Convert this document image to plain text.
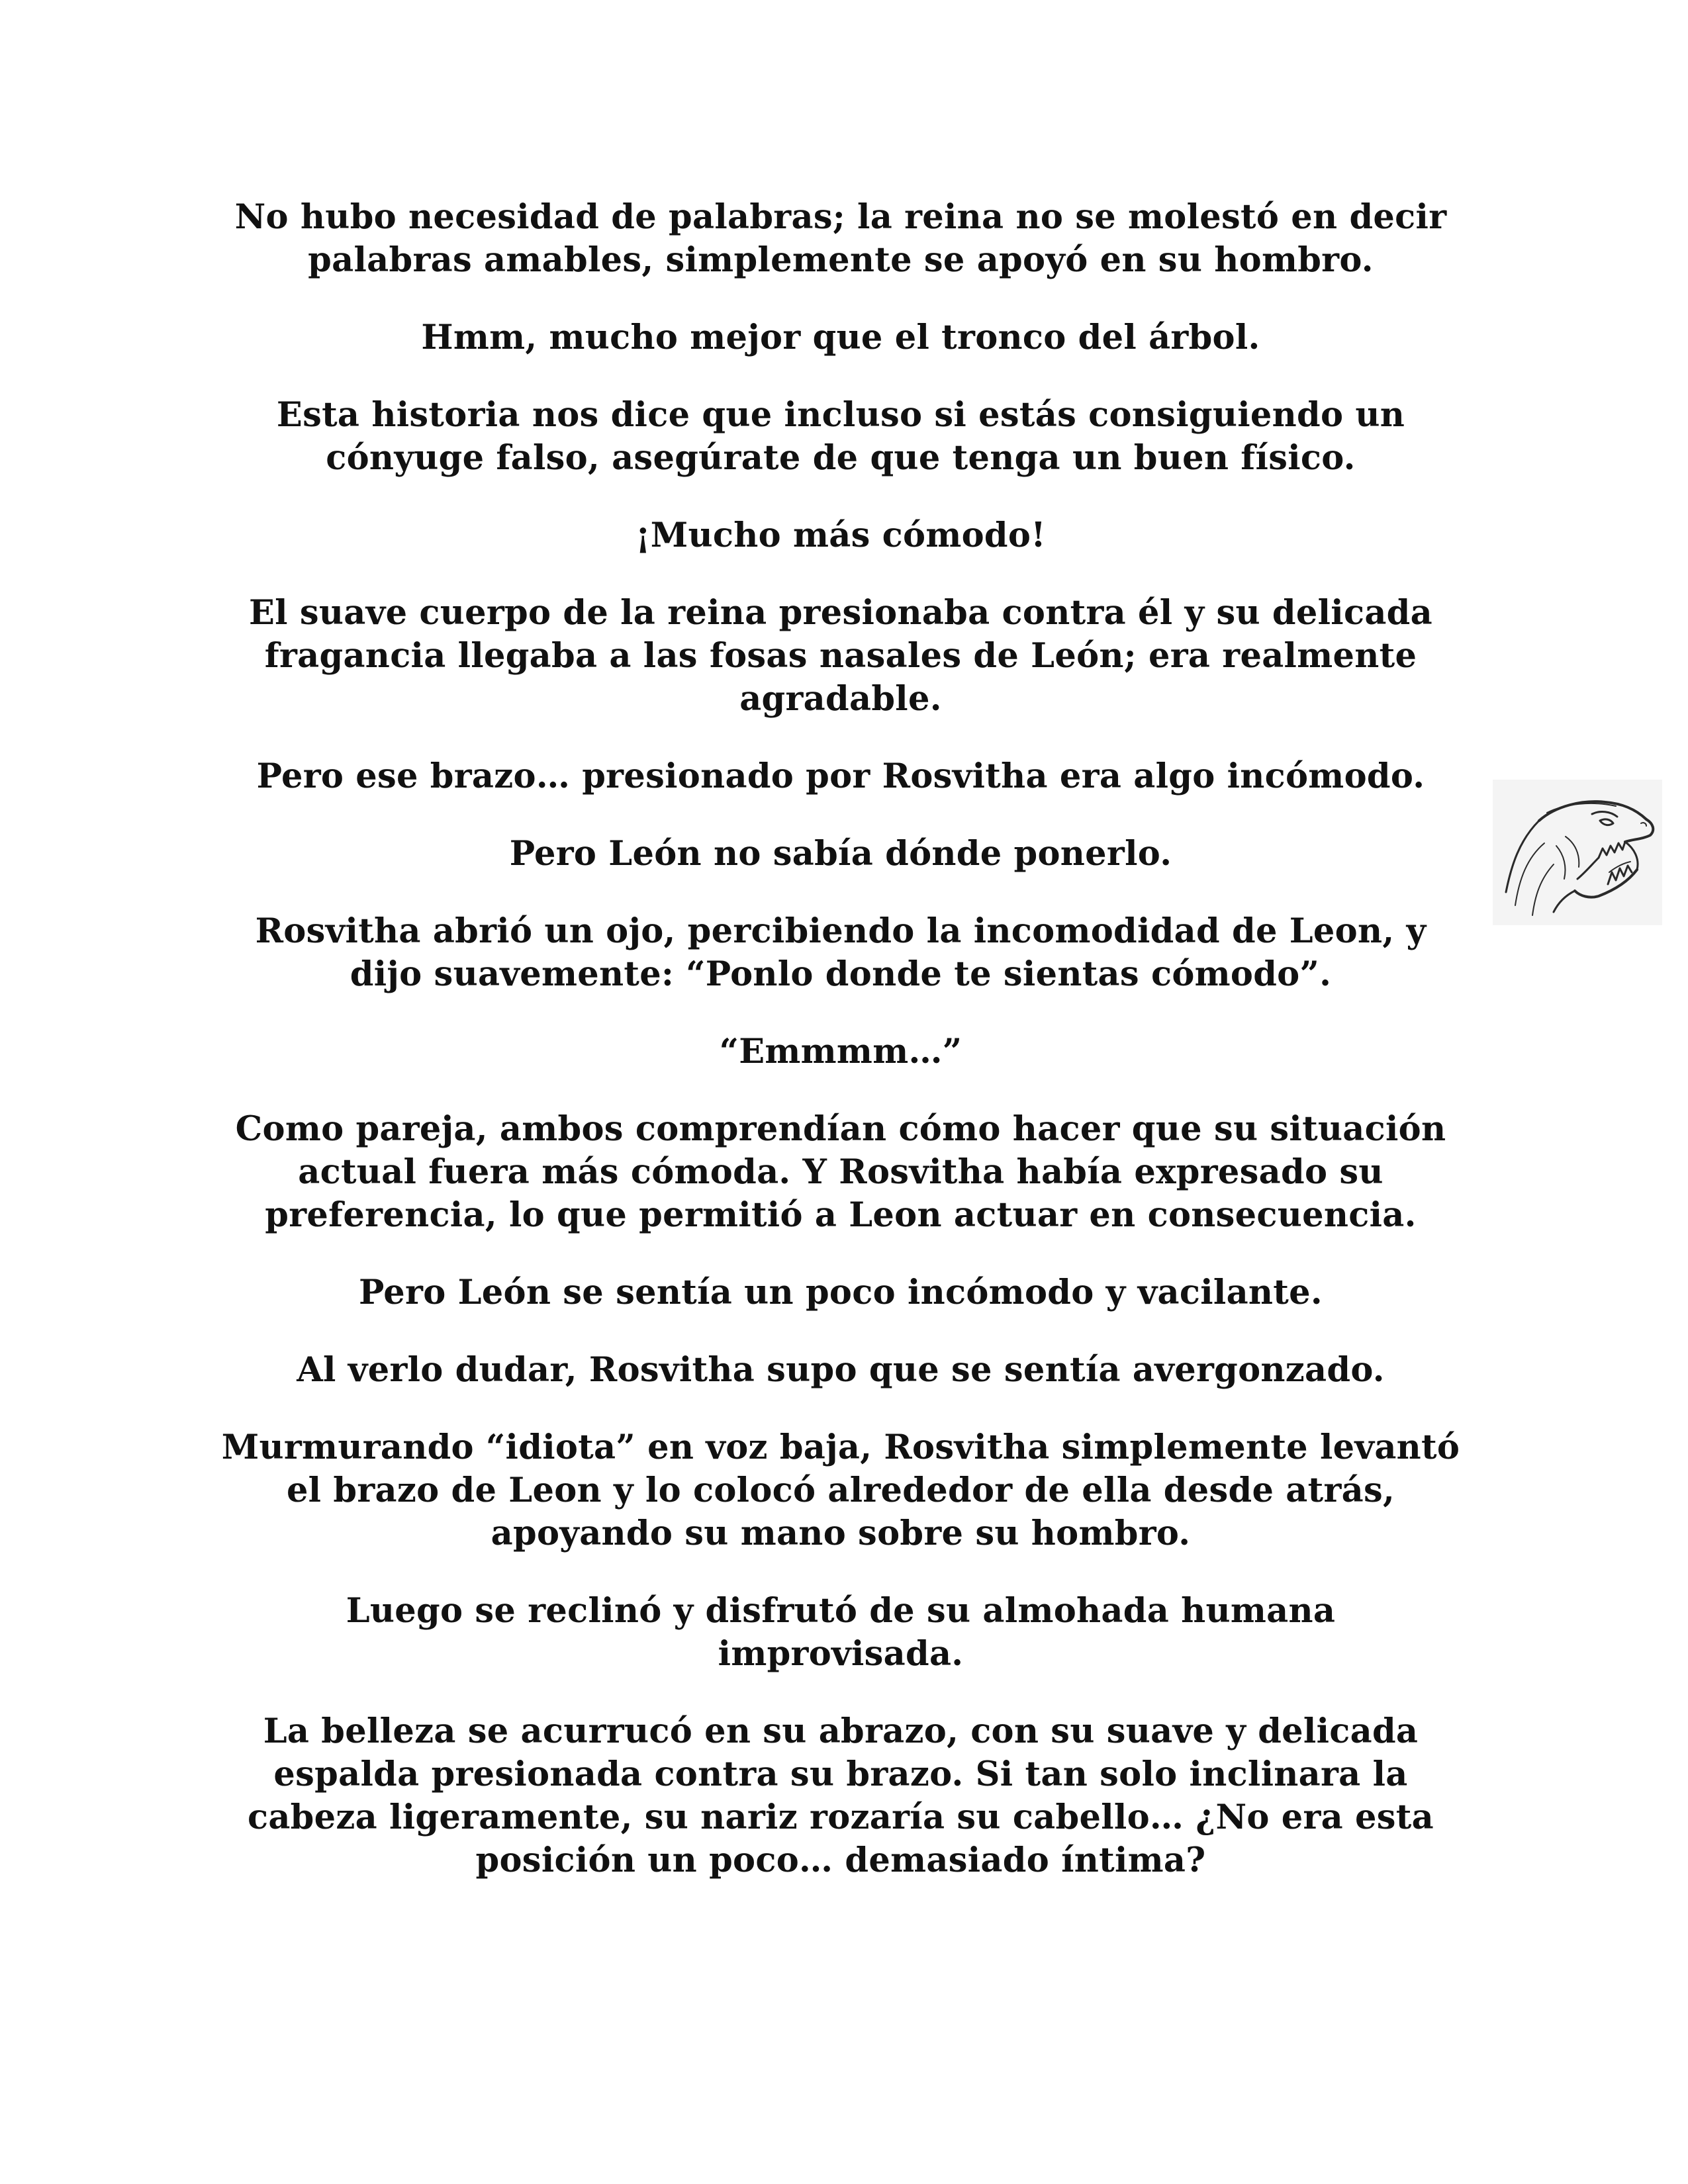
No hubo necesidad de palabras; la reina no se molestó en decir palabras amables, simplemente se apoyó en su hombro.

Hmm, mucho mejor que el tronco del árbol.

Esta historia nos dice que incluso si estás consiguiendo un cónyuge falso, asegúrate de que tenga un buen físico.

¡Mucho más cómodo!

El suave cuerpo de la reina presionaba contra él y su delicada fragancia llegaba a las fosas nasales de León; era realmente agradable.

Pero ese brazo… presionado por Rosvitha era algo incómodo.

Pero León no sabía dónde ponerlo.

Rosvitha abrió un ojo, percibiendo la incomodidad de Leon, y dijo suavemente: “Ponlo donde te sientas cómodo”.

“Emmmm…”

Como pareja, ambos comprendían cómo hacer que su situación actual fuera más cómoda. Y Rosvitha había expresado su preferencia, lo que permitió a Leon actuar en consecuencia.

Pero León se sentía un poco incómodo y vacilante.

Al verlo dudar, Rosvitha supo que se sentía avergonzado.

Murmurando “idiota” en voz baja, Rosvitha simplemente levantó el brazo de Leon y lo colocó alrededor de ella desde atrás, apoyando su mano sobre su hombro.

Luego se reclinó y disfrutó de su almohada humana improvisada.

La belleza se acurrucó en su abrazo, con su suave y delicada espalda presionada contra su brazo. Si tan solo inclinara la cabeza ligeramente, su nariz rozaría su cabello… ¿No era esta posición un poco… demasiado íntima?
